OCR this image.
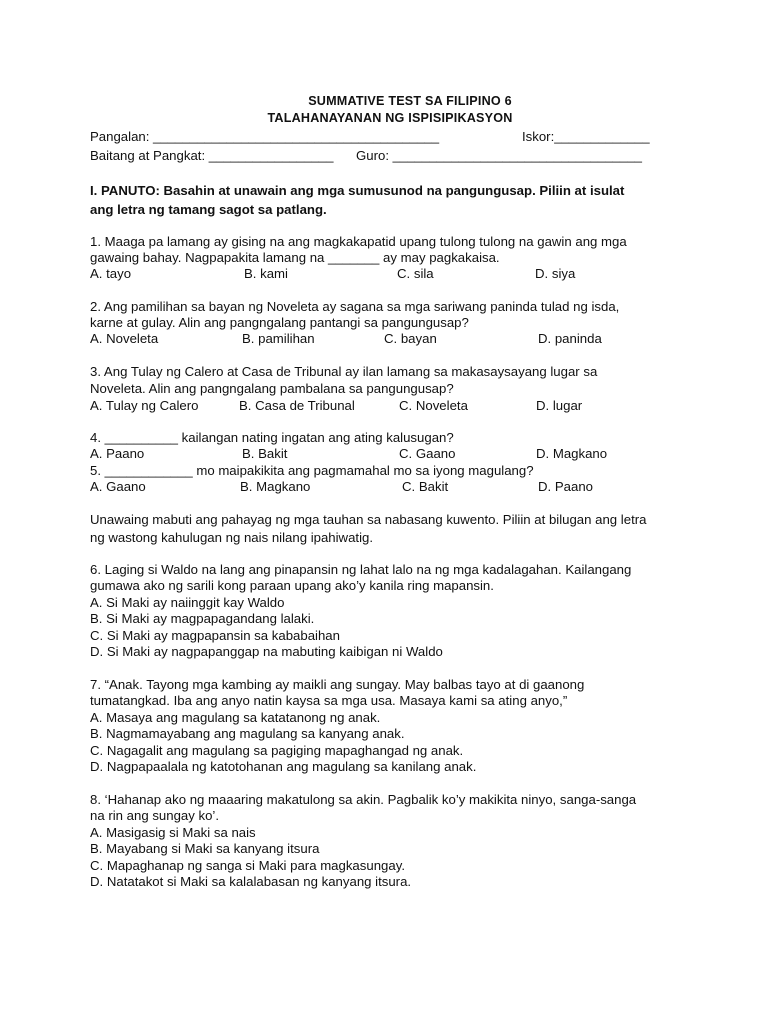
SUMMATIVE TEST SA FILIPINO 6
TALAHANAYANAN NG ISPISIPIKASYON
Pangalan: _______________________________________	Iskor:_____________
Baitang at Pangkat: _________________ Guro: __________________________________
I. PANUTO: Basahin at unawain ang mga sumusunod na pangungusap. Piliin at isulat
ang letra ng tamang sagot sa patlang.
1. Maaga pa lamang ay gising na ang magkakapatid upang tulong tulong na gawin ang mga
gawaing bahay. Nagpapakita lamang na _______ ay may pagkakaisa.
A. tayo	B. kami	C. sila	D. siya
2. Ang pamilihan sa bayan ng Noveleta ay sagana sa mga sariwang paninda tulad ng isda,
karne at gulay. Alin ang pangngalang pantangi sa pangungusap?
A. Noveleta	B. pamilihan	C. bayan	D. paninda
3. Ang Tulay ng Calero at Casa de Tribunal ay ilan lamang sa makasaysayang lugar sa
Noveleta. Alin ang pangngalang pambalana sa pangungusap?
A. Tulay ng Calero	B. Casa de Tribunal	C. Noveleta	D. lugar
4. __________ kailangan nating ingatan ang ating kalusugan?
A. Paano	B. Bakit	C. Gaano	D. Magkano
5. ____________ mo maipakikita ang pagmamahal mo sa iyong magulang?
A. Gaano	B. Magkano	C. Bakit	D. Paano
Unawaing mabuti ang pahayag ng mga tauhan sa nabasang kuwento. Piliin at bilugan ang letra
ng wastong kahulugan ng nais nilang ipahiwatig.
6. Laging si Waldo na lang ang pinapansin ng lahat lalo na ng mga kadalagahan. Kailangang
gumawa ako ng sarili kong paraan upang ako’y kanila ring mapansin.
A. Si Maki ay naiinggit kay Waldo
B. Si Maki ay magpapagandang lalaki.
C. Si Maki ay magpapansin sa kababaihan
D. Si Maki ay nagpapanggap na mabuting kaibigan ni Waldo
7. “Anak. Tayong mga kambing ay maikli ang sungay. May balbas tayo at di gaanong
tumatangkad. Iba ang anyo natin kaysa sa mga usa. Masaya kami sa ating anyo,”
A. Masaya ang magulang sa katatanong ng anak.
B. Nagmamayabang ang magulang sa kanyang anak.
C. Nagagalit ang magulang sa pagiging mapaghangad ng anak.
D. Nagpapaalala ng katotohanan ang magulang sa kanilang anak.
8. ‘Hahanap ako ng maaaring makatulong sa akin. Pagbalik ko’y makikita ninyo, sanga-sanga
na rin ang sungay ko’.
A. Masigasig si Maki sa nais
B. Mayabang si Maki sa kanyang itsura
C. Mapaghanap ng sanga si Maki para magkasungay.
D. Natatakot si Maki sa kalalabasan ng kanyang itsura.
